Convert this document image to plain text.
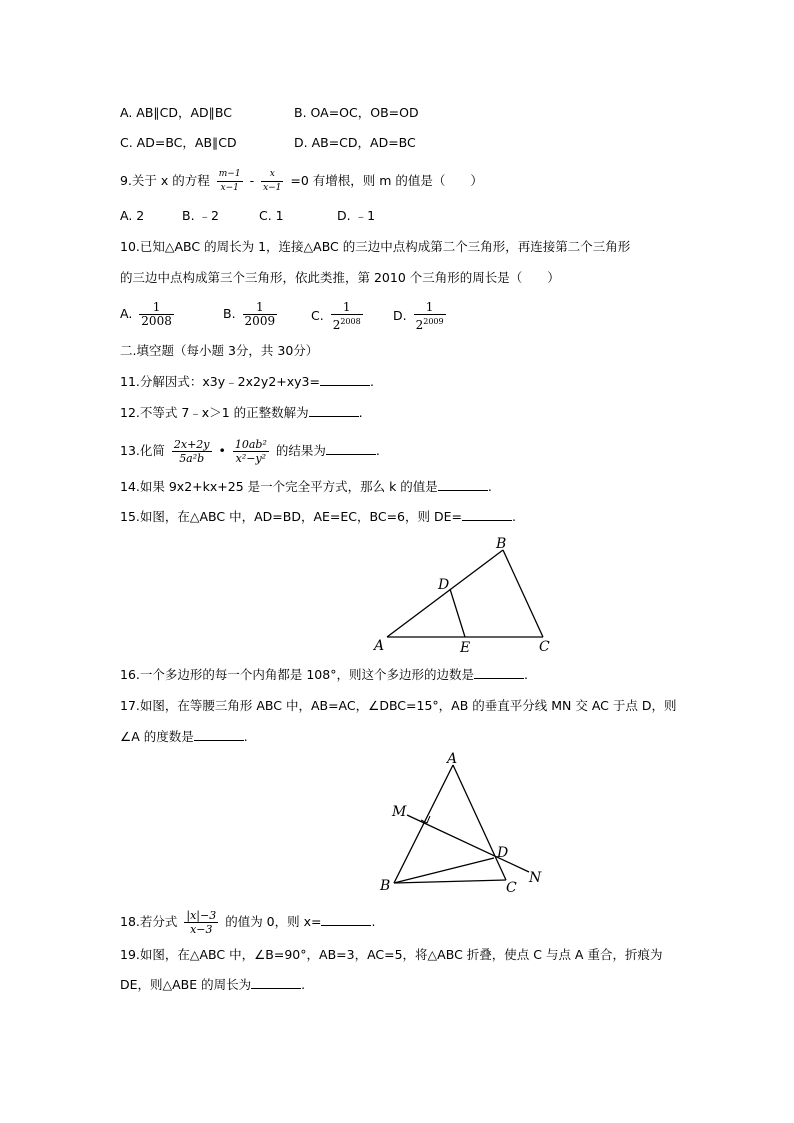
A. AB∥CD，AD∥BC	B. OA=OC，OB=OD
C. AD=BC，AB∥CD	D. AB=CD，AD=BC
9.关于 x 的方程 $\frac{m-1}{x-1} - \frac{x}{x-1} =0$ 有增根，则 m 的值是（　　）
A. 2	B. ﹣2	C. 1	D. ﹣1
10.已知△ABC 的周长为 1，连接△ABC 的三边中点构成第二个三角形，再连接第二个三角形
的三边中点构成第三个三角形，依此类推，第 2010 个三角形的周长是（　　）
A. $\frac{1}{2008}$	B. $\frac{1}{2009}$	C. $\frac{1}{2^{2008}} D$. $\frac{1}{2^{2009}}$
二.填空题（每小题 3分，共 30分）
11.分解因式：x3y﹣2x2y2+xy3=	.
12.不等式 7﹣x＞1 的正整数解为	.
13.化简 $\frac{2x+2y}{\text{5a²b}}$ • $\frac{\text{10ab²}}{\text{x²−y²}}$ 的结果为	.
14.如果 9x2+kx+25 是一个完全平方式，那么 k 的值是	.
15.如图，在△ABC 中，AD=BD，AE=EC，BC=6，则 DE=	.
A
B
C
D
E
16.一个多边形的每一个内角都是 108°，则这个多边形的边数是	.
17.如图，在等腰三角形 ABC 中，AB=AC，∠DBC=15°，AB 的垂直平分线 MN 交 AC 于点 D，则
∠A 的度数是	.
A
B	C
D
M
N
18.若分式 $\frac{|x|-3}{x-3}$ 的值为 0，则 x=	.
19.如图，在△ABC 中，∠B=90°，AB=3，AC=5，将△ABC 折叠，使点 C 与点 A 重合，折痕为
DE，则△ABE 的周长为	.
